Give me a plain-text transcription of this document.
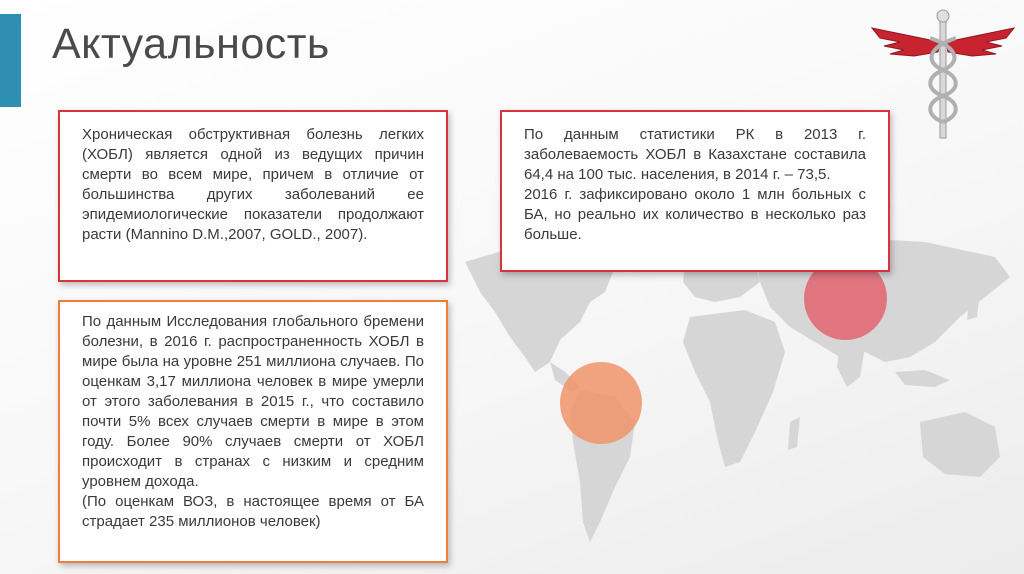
Актуальность

Хроническая обструктивная болезнь легких (ХОБЛ) является одной из ведущих причин смерти во всем мире, причем в отличие от большинства других заболеваний ее эпидемиологические показатели продолжают расти (Mannino D.M.,2007, GOLD., 2007).

По данным статистики РК в 2013 г. заболеваемость ХОБЛ в Казахстане составила 64,4 на 100 тыс. населения, в 2014 г. – 73,5.

2016 г. зафиксировано около 1 млн больных с БА, но реально их количество в несколько раз больше.

По данным Исследования глобального бремени болезни, в 2016 г. распространенность ХОБЛ в мире была на уровне 251 миллиона случаев. По оценкам 3,17 миллиона человек в мире умерли от этого заболевания в 2015 г., что составило почти 5% всех случаев смерти в мире в этом году. Более 90% случаев смерти от ХОБЛ происходит в странах с низким и средним уровнем дохода.

(По оценкам ВОЗ, в настоящее время от БА страдает 235 миллионов человек)
